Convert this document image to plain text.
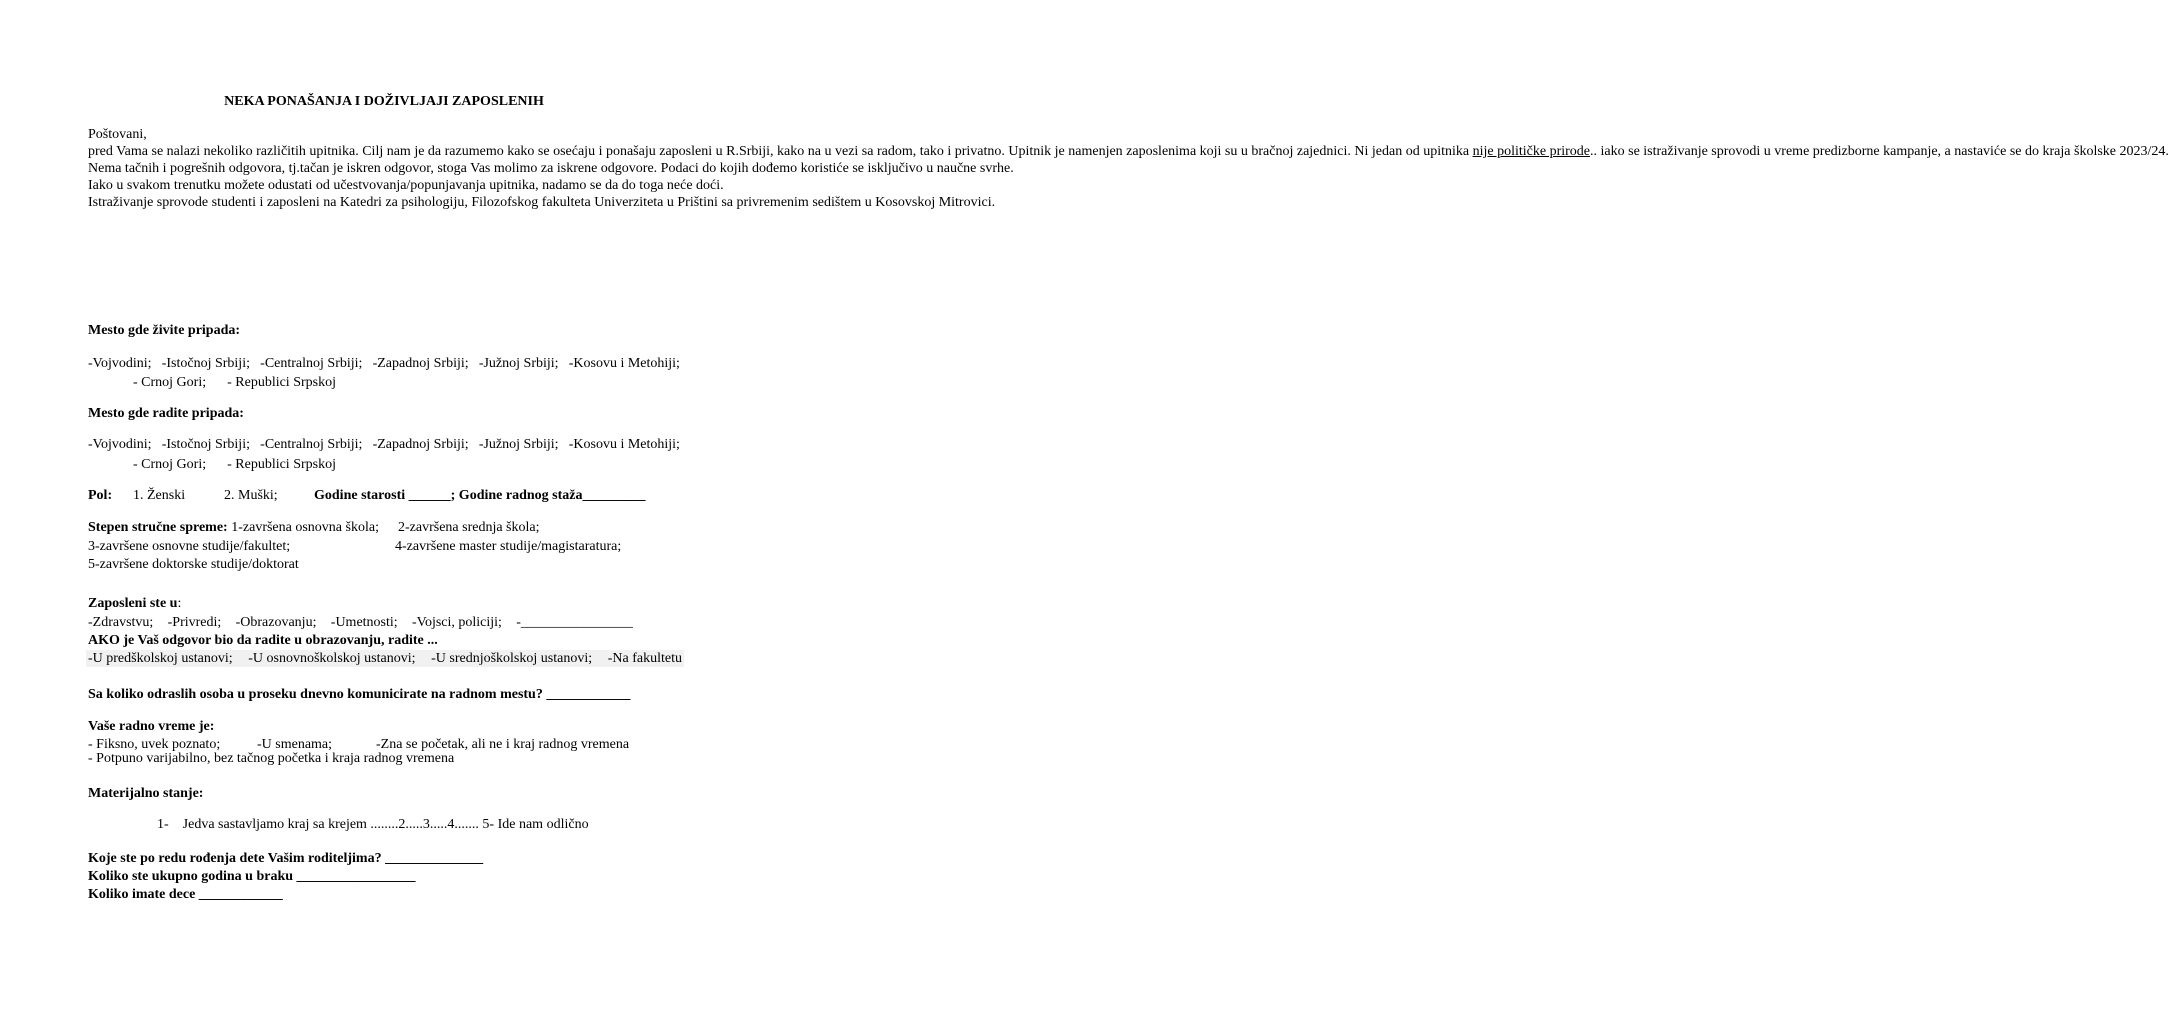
NEKA PONAŠANJA I DOŽIVLJAJI ZAPOSLENIH

Poštovani,

pred Vama se nalazi nekoliko različitih upitnika. Cilj nam je da razumemo kako se osećaju i ponašaju zaposleni u R.Srbiji, kako na u vezi sa radom, tako i privatno. Upitnik je namenjen zaposlenima koji su u bračnoj zajednici. Ni jedan od upitnika nije političke prirode.. iako se istraživanje sprovodi u vreme predizborne kampanje, a nastaviće se do kraja školske 2023/24.

Nema tačnih i pogrešnih odgovora, tj.tačan je iskren odgovor, stoga Vas molimo za iskrene odgovore. Podaci do kojih dođemo koristiće se isključivo u naučne svrhe.

Iako u svakom trenutku možete odustati od učestvovanja/popunjavanja upitnika, nadamo se da do toga neće doći.

Istraživanje sprovode studenti i zaposleni na Katedri za psihologiju, Filozofskog fakulteta Univerziteta u Prištini sa privremenim sedištem u Kosovskoj Mitrovici.

Mesto gde živite pripada:
-Vojvodini; -Istočnoj Srbiji; -Centralnoj Srbiji; -Zapadnoj Srbiji; -Južnoj Srbiji; -Kosovu i Metohiji;
- Crnoj Gori;      - Republici Srpskoj
Mesto gde radite pripada:
-Vojvodini; -Istočnoj Srbiji; -Centralnoj Srbiji; -Zapadnoj Srbiji; -Južnoj Srbiji; -Kosovu i Metohiji;
- Crnoj Gori;      - Republici Srpskoj
Pol: 1. Ženski	2. Muški;	Godine starosti ______; Godine radnog staža_________
Stepen stručne spreme: 1-završena osnovna škola; 2-završena srednja škola;
3-završene osnovne studije/fakultet;	4-završene master studije/magistaratura;
5-završene doktorske studije/doktorat
Zaposleni ste u:
-Zdravstvu; -Privredi; -Obrazovanju; -Umetnosti; -Vojsci, policiji; -________________
AKO je Vaš odgovor bio da radite u obrazovanju, radite ...
-U predškolskoj ustanovi; -U osnovnoškolskoj ustanovi; -U srednjoškolskoj ustanovi; -Na fakultetu
Sa koliko odraslih osoba u proseku dnevno komunicirate na radnom mestu? ____________
Vaše radno vreme je:
- Fiksno, uvek poznato;	-U smenama;	-Zna se početak, ali ne i kraj radnog vremena
- Potpuno varijabilno, bez tačnog početka i kraja radnog vremena
Materijalno stanje:
1-    Jedva sastavljamo kraj sa krejem ........2.....3.....4....... 5- Ide nam odlično
Koje ste po redu rođenja dete Vašim roditeljima? ______________
Koliko ste ukupno godina u braku _________________
Koliko imate dece ____________
